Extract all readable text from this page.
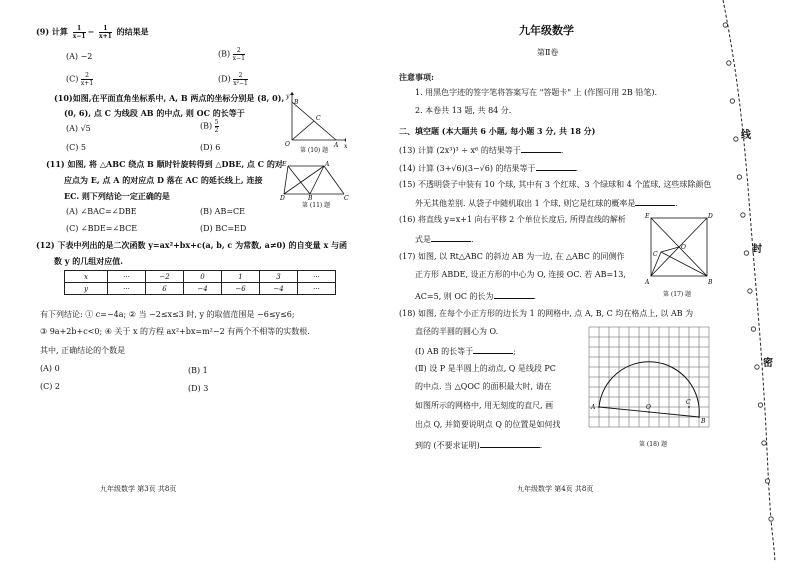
(9) 计算 $\frac{1}{x-1} - \frac{1}{x+1}$ 的结果是
(A) −2	$(B) \frac{2}{x-1}$
$(C) \frac{2}{x+1}$	$(D) \frac{2}{\text{x²−1}}$
(10)如图,在平面直角坐标系中, A, B 两点的坐标分别是 (8, 0),
(0, 6), 点 C 为线段 AB 的中点, 则 OC 的长等于
(A) √5	$(B) \frac{5}{2}$
(C) 5	(D) 6
y
x
B
C
O	A
第 (10) 题
(11) 如图, 将 △ABC 绕点 B 顺时针旋转得到 △DBE, 点 C 的对
应点为 E, 点 A 的对应点 D 落在 AC 的延长线上, 连接
EC. 则下列结论一定正确的是
(A) ∠BAC=∠DBE	(B) AB=CE
(C) ∠BDE=∠BCE	(D) BC=ED
E	A
D	B	C
第 (11) 题
(12) 下表中列出的是二次函数 y=ax²+bx+c(a, b, c 为常数, a≠0) 的自变量 x 与函
数 y 的几组对应值.
x	···	−2	0	1	3	···
y	···	6	−4	−6	−4	···
有下列结论: ① c=−4a; ② 当 −2≤x≤3 时, y 的取值范围是 −6≤y≤6;
③ 9a+2b+c<0; ④ 关于 x 的方程 ax²+bx=m²−2 有两个不相等的实数根.
其中, 正确结论的个数是
(A) 0	(B) 1
(C) 2	(D) 3
九年级数学 第3页 共8页
九年级数学
第Ⅱ卷
注意事项:
1. 用黑色字迹的签字笔将答案写在 "答题卡" 上 (作图可用 2B 铅笔).
2. 本卷共 13 题, 共 84 分.
二、填空题 (本大题共 6 小题, 每小题 3 分, 共 18 分)
(13) 计算 (2x³)³ ÷ x⁶ 的结果等于	.
(14) 计算 (3+√6)(3−√6) 的结果等于	.
(15) 不透明袋子中装有 10 个球, 其中有 3 个红球、3 个绿球和 4 个蓝球, 这些球除颜色
外无其他差别. 从袋子中随机取出 1 个球, 则它是红球的概率是	.
(16) 将直线 y=x+1 向右平移 2 个单位长度后, 所得直线的解析
式是	.
(17) 如图, 以 Rt△ABC 的斜边 AB 为一边, 在 △ABC 的同侧作
正方形 ABDE, 设正方形的中心为 O, 连接 OC. 若 AB=13,
AC=5, 则 OC 的长为	.
E	D
C
O
A	B
第 (17) 题
(18) 如图, 在每个小正方形的边长为 1 的网格中, 点 A, B, C 均在格点上, 以 AB 为
直径的半圆的圆心为 O.
(Ⅰ) AB 的长等于	;
(Ⅱ) 设 P 是半圆上的动点, Q 是线段 PC
的中点. 当 △QOC 的面积最大时, 请在
如图所示的网格中, 用无刻度的直尺, 画
出点 Q, 并简要说明点 Q 的位置是如何找
到的 (不要求证明)	.
A	O
C
B
第 (18) 题
九年级数学 第4页 共8页
线
封
密
